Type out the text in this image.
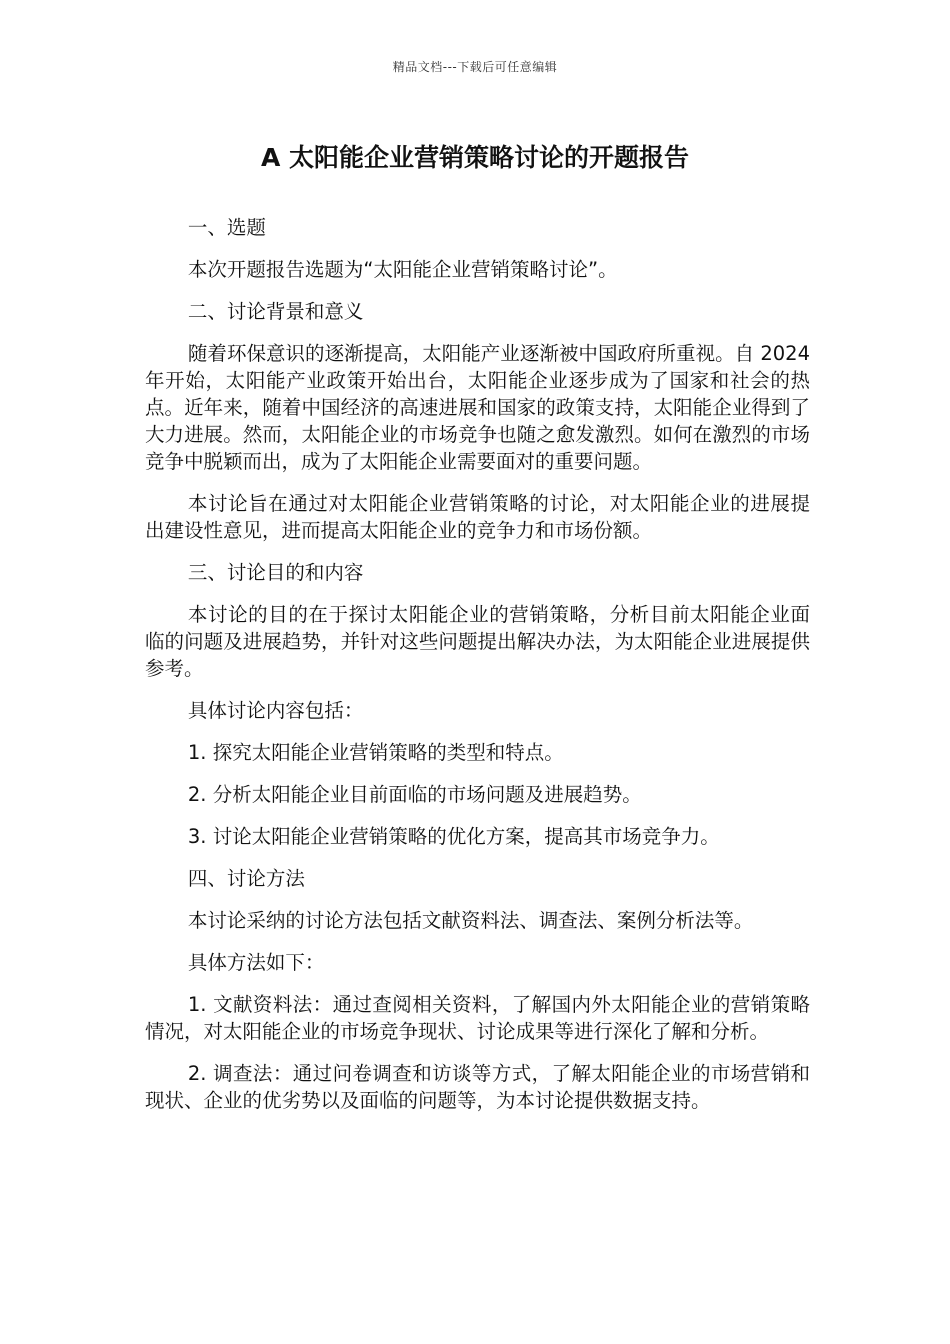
精品文档---下载后可任意编辑
A 太阳能企业营销策略讨论的开题报告

一、选题

本次开题报告选题为“太阳能企业营销策略讨论”。

二、讨论背景和意义

随着环保意识的逐渐提高，太阳能产业逐渐被中国政府所重视。自 2024 年开始，太阳能产业政策开始出台，太阳能企业逐步成为了国家和社会的热点。近年来，随着中国经济的高速进展和国家的政策支持，太阳能企业得到了大力进展。然而，太阳能企业的市场竞争也随之愈发激烈。如何在激烈的市场竞争中脱颖而出，成为了太阳能企业需要面对的重要问题。

本讨论旨在通过对太阳能企业营销策略的讨论，对太阳能企业的进展提出建设性意见，进而提高太阳能企业的竞争力和市场份额。

三、讨论目的和内容

本讨论的目的在于探讨太阳能企业的营销策略，分析目前太阳能企业面临的问题及进展趋势，并针对这些问题提出解决办法，为太阳能企业进展提供参考。

具体讨论内容包括：

1. 探究太阳能企业营销策略的类型和特点。

2. 分析太阳能企业目前面临的市场问题及进展趋势。

3. 讨论太阳能企业营销策略的优化方案，提高其市场竞争力。

四、讨论方法

本讨论采纳的讨论方法包括文献资料法、调查法、案例分析法等。

具体方法如下：

1. 文献资料法：通过查阅相关资料，了解国内外太阳能企业的营销策略情况，对太阳能企业的市场竞争现状、讨论成果等进行深化了解和分析。

2. 调查法：通过问卷调查和访谈等方式，了解太阳能企业的市场营销和现状、企业的优劣势以及面临的问题等，为本讨论提供数据支持。
